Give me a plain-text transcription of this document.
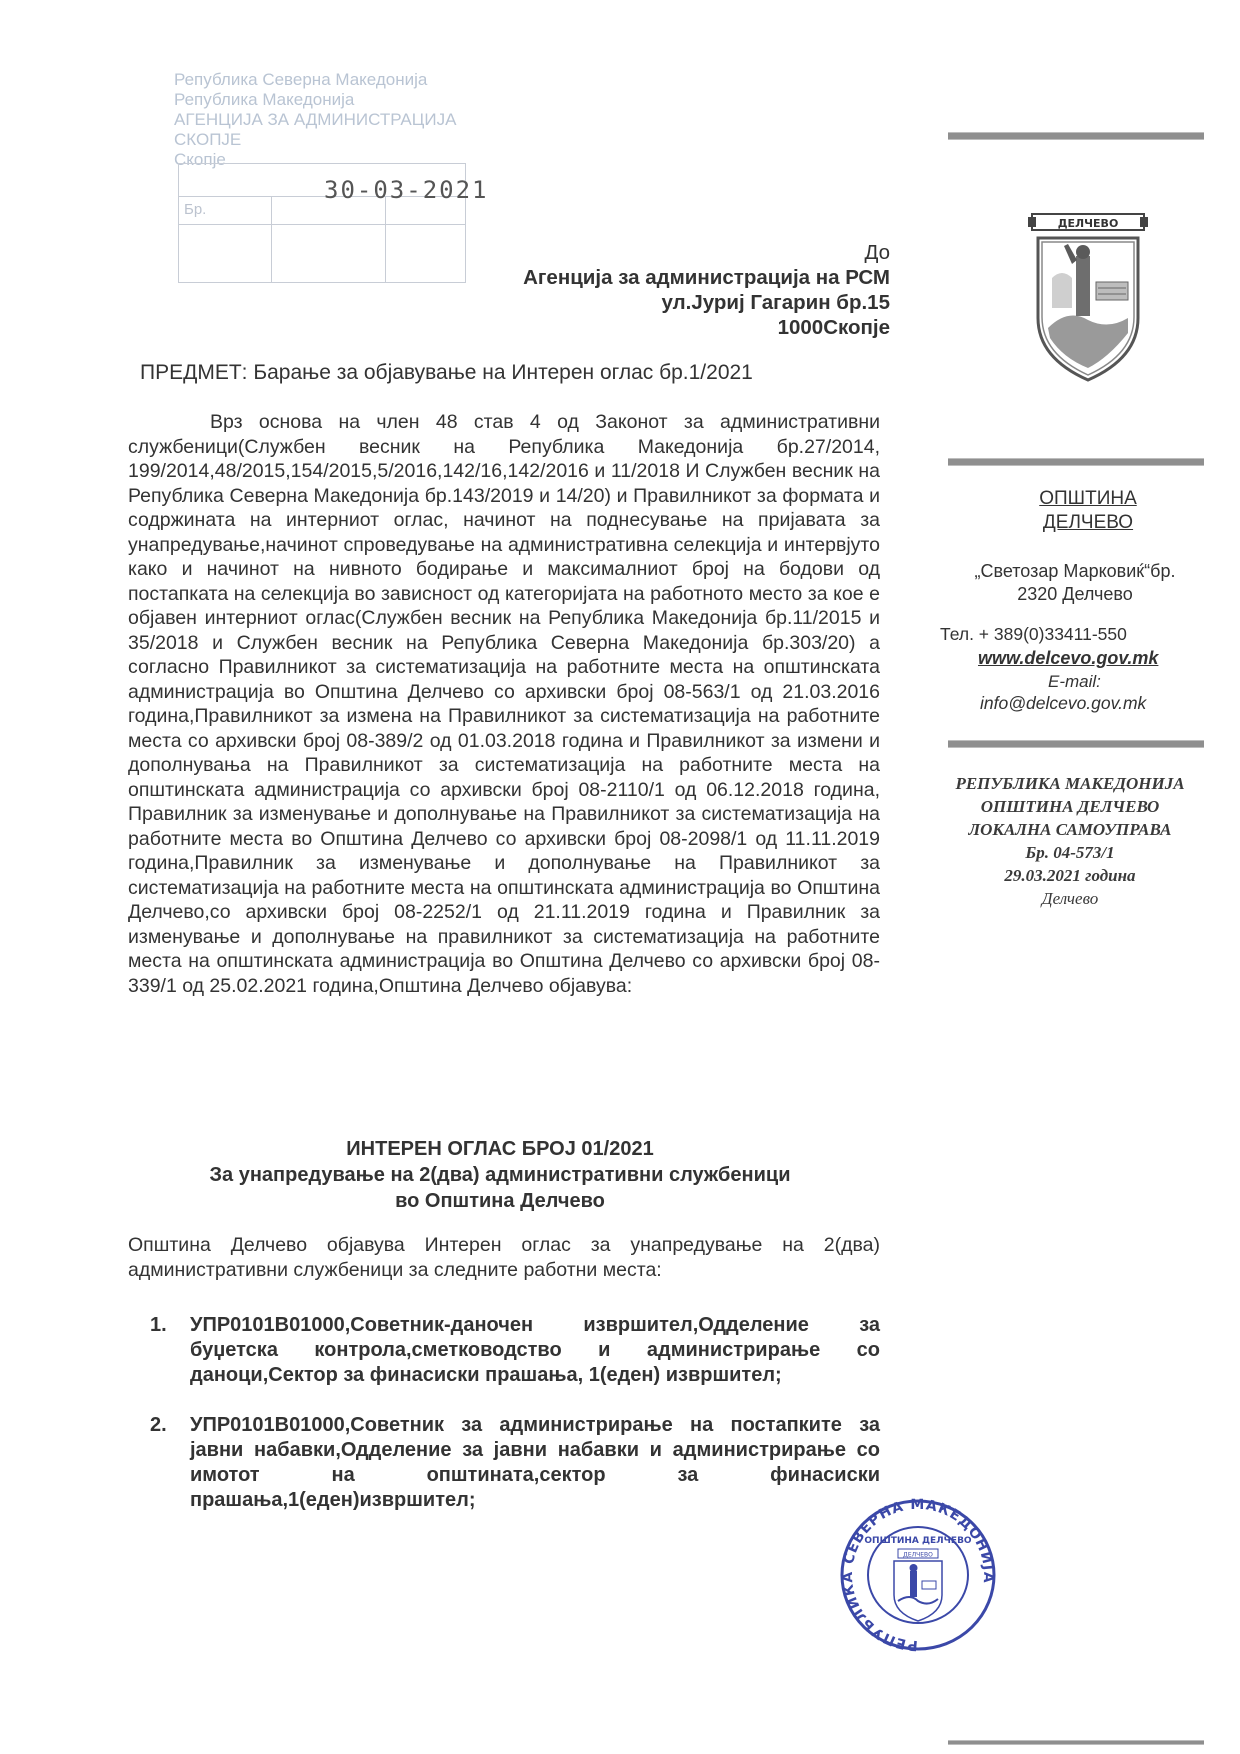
Република Северна Македонија
Република Македонија
АГЕНЦИЈА ЗА АДМИНИСТРАЦИЈА
СКОПЈЕ
Скопје
30-03-2021
Бр.
До
Агенција за администрација на РСМ
ул.Јуриј Гагарин бр.15
1000Скопје
ПРЕДМЕТ: Барање за објавување на Интерен оглас бр.1/2021
Врз основа на член 48 став 4 од Законот за административни службеници(Службен весник на Република Македонија бр.27/2014, 199/2014,48/2015,154/2015,5/2016,142/16,142/2016 и 11/2018 И Службен весник на Република Северна Македонија бр.143/2019 и 14/20) и Правилникот за формата и содржината на интерниот оглас, начинот на поднесување на пријавата за унапредување,начинот спроведување на административна селекција и интервјуто како и начинот на нивното бодирање и максималниот број на бодови од постапката на селекција во зависност од категоријата на работното место за кое е објавен интерниот оглас(Службен весник на Република Македонија бр.11/2015 и 35/2018 и Службен весник на Република Северна Македонија бр.303/20) а согласно Правилникот за систематизација на работните места на општинската администрација во Општина Делчево со архивски број 08-563/1 од 21.03.2016 година,Правилникот за измена на Правилникот за систематизација на работните места со архивски број 08-389/2 од 01.03.2018 година и Правилникот за измени и дополнувања на Правилникот за систематизација на работните места на општинската администрација со архивски број 08-2110/1 од 06.12.2018 година, Правилник за изменување и дополнување на Правилникот за систематизација на работните места во Општина Делчево со архивски број 08-2098/1 од 11.11.2019 година,Правилник за изменување и дополнување на Правилникот за систематизација на работните места на општинската администрација во Општина Делчево,со архивски број 08-2252/1 од 21.11.2019 година и Правилник за изменување и дополнување на правилникот за систематизација на работните места на општинската администрација во Општина Делчево со архивски број 08-339/1 од 25.02.2021 година,Општина Делчево објавува:
ИНТЕРЕН ОГЛАС БРОЈ 01/2021
За унапредување на 2(два) административни службеници
во Општина Делчево
Општина Делчево објавува Интерен оглас за унапредување на 2(два) административни службеници за следните работни места:
1.	УПР0101В01000,Советник-даночен извршител,Одделение за буџетска контрола,сметководство и администрирање со даноци,Сектор за финасиски прашања, 1(еден) извршител;
2.	УПР0101В01000,Советник за администрирање на постапките за јавни набавки,Одделение за јавни набавки и администрирање со имотот на општината,сектор за финасиски прашања,1(еден)извршител;
ДЕЛЧЕВО
ОПШТИНА
ДЕЛЧЕВО
„Светозар Марковиќ“бр.
2320 Делчево
Тел. + 389(0)33411-550
www.delcevo.gov.mk
E-mail:
info@delcevo.gov.mk
РЕПУБЛИКА МАКЕДОНИЈА
ОПШТИНА ДЕЛЧЕВО
ЛОКАЛНА САМОУПРАВА
Бр. 04-573/1
29.03.2021 година
Делчево
РЕПУБЛИКА СЕВЕРНА МАКЕДОНИЈА
ОПШТИНА ДЕЛЧЕВО
ДЕЛЧЕВО
